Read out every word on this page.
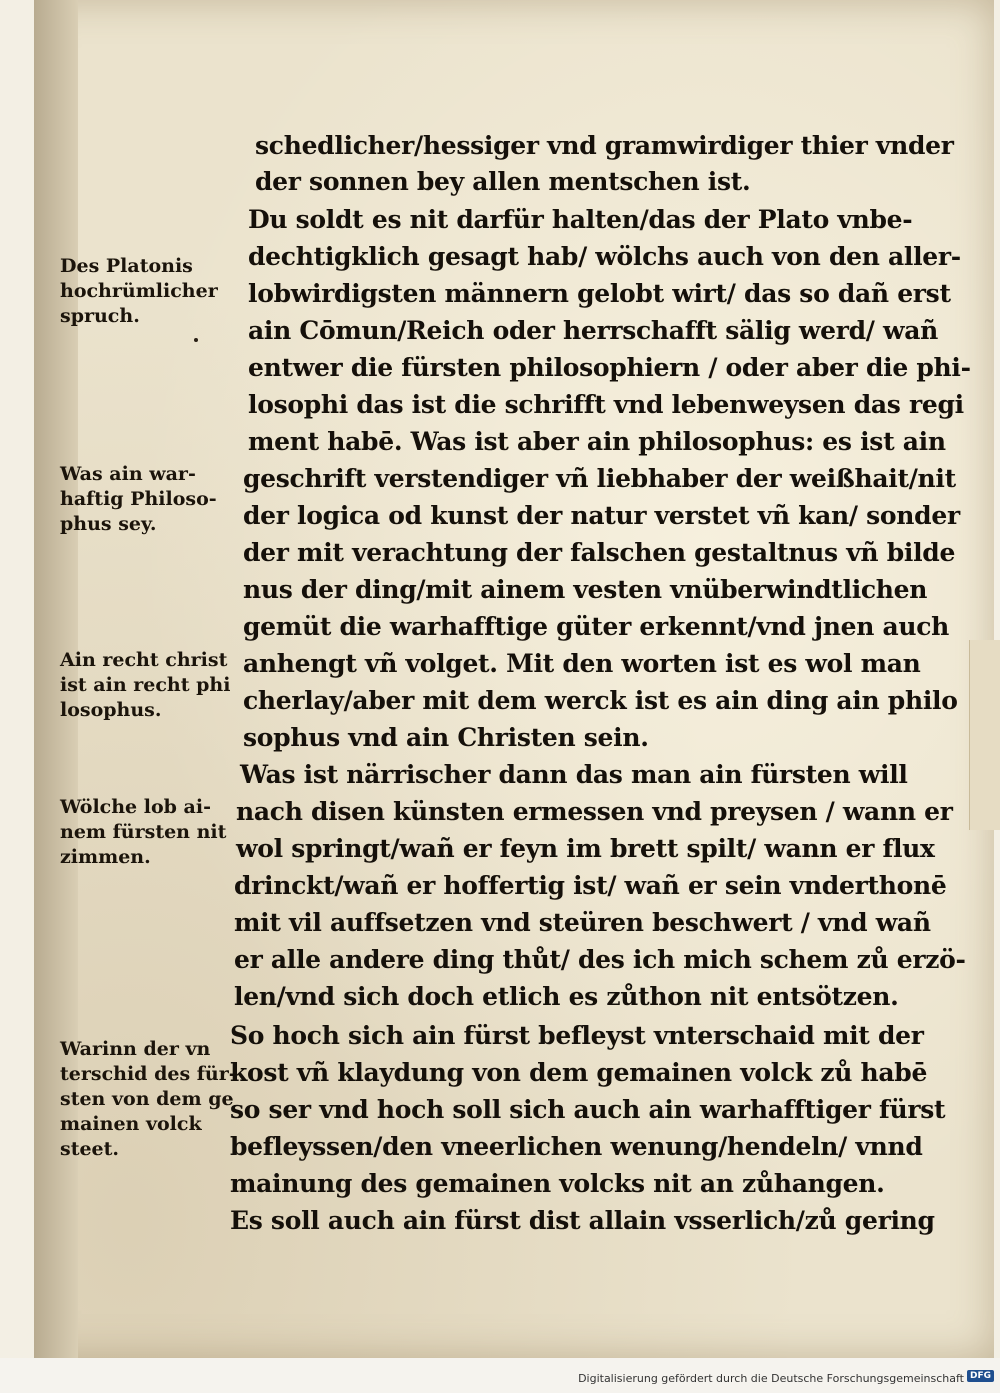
Des Platonis hochrümlicher spruch.
Was ain war-haftig Philoso-phus sey.
Ain recht christ ist ain recht phi losophus.
Wölche lob ai-nem fürsten nit zimmen.
Warinn der vn terschid des für-sten von dem ge mainen volck steet.
schedlicher/hessiger vnd gramwirdiger thier vnder
der sonnen bey allen mentschen ist.
Du soldt es nit darfür halten/das der Plato vnbe-
dechtigklich gesagt hab/ wölchs auch von den aller-
lobwirdigsten männern gelobt wirt/ das so dañ erst
ain Cōmun/Reich oder herrschafft sälig werd/ wañ
entwer die fürsten philosophiern / oder aber die phi-
losophi das ist die schrifft vnd lebenweysen das regi
ment habē. Was ist aber ain philosophus: es ist ain
geschrift verstendiger vñ liebhaber der weißhait/nit
der logica od kunst der natur verstet vñ kan/ sonder
der mit verachtung der falschen gestaltnus vñ bilde
nus der ding/mit ainem vesten vnüberwindtlichen
gemüt die warhafftige güter erkennt/vnd jnen auch
anhengt vñ volget. Mit den worten ist es wol man
cherlay/aber mit dem werck ist es ain ding ain philo
sophus vnd ain Christen sein.
Was ist närrischer dann das man ain fürsten will
nach disen künsten ermessen vnd preysen / wann er
wol springt/wañ er feyn im brett spilt/ wann er flux
drinckt/wañ er hoffertig ist/ wañ er sein vnderthonē
mit vil auffsetzen vnd steüren beschwert / vnd wañ
er alle andere ding thůt/ des ich mich schem zů erzö-
len/vnd sich doch etlich es zůthon nit entsötzen.
So hoch sich ain fürst befleyst vnterschaid mit der
kost vñ klaydung von dem gemainen volck zů habē
so ser vnd hoch soll sich auch ain warhafftiger fürst
befleyssen/den vneerlichen wenung/hendeln/ vnnd
mainung des gemainen volcks nit an zůhangen.
Es soll auch ain fürst dist allain vsserlich/zů gering
Digitalisierung gefördert durch die Deutsche Forschungsgemeinschaft DFG
